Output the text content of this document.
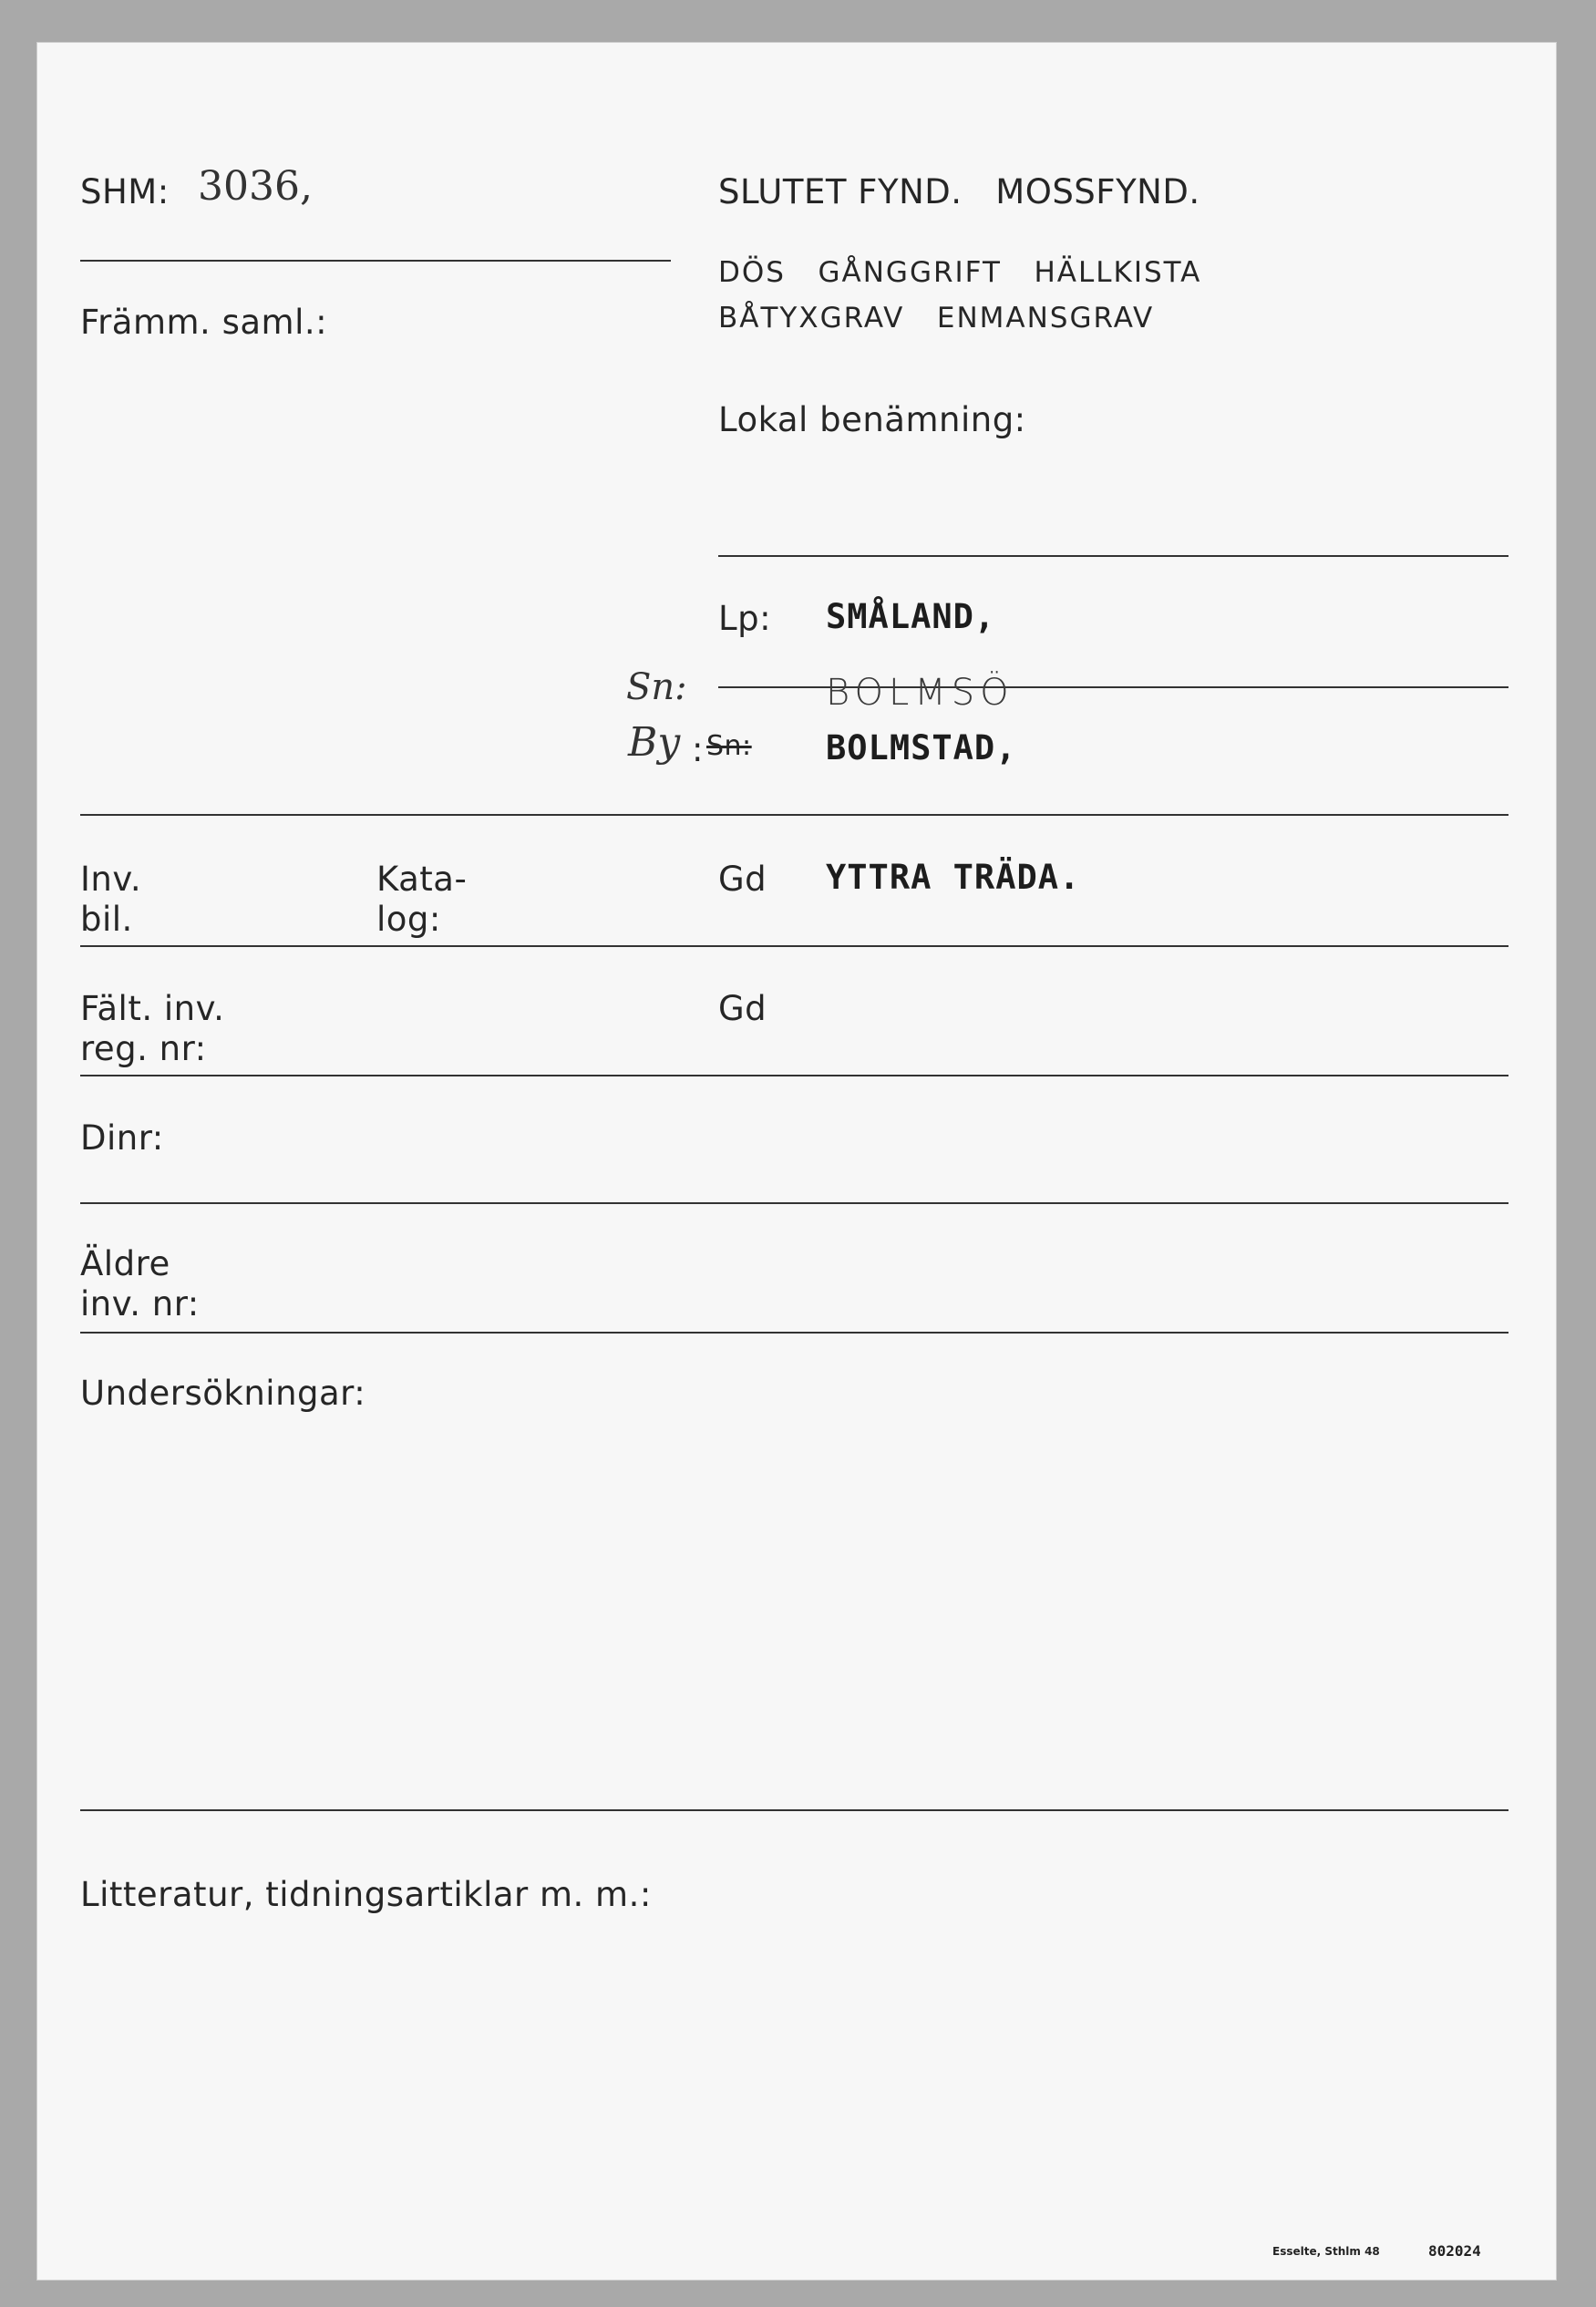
SHM: 3036,
Främm. saml.:
SLUTET FYND.   MOSSFYND.
DÖS   GÅNGGRIFT   HÄLLKISTA
BÅTYXGRAV   ENMANSGRAV
Lokal benämning:
Lp: SMÅLAND,
Sn:	BOLMSÖ
By : Sn: BOLMSTAD,
Inv.
bil.
Kata-
log:
Gd YTTRA TRÄDA.
Fält. inv.
reg. nr:
Gd
Dinr:
Äldre
inv. nr:
Undersökningar:
Litteratur, tidningsartiklar m. m.:
Esselte, Sthlm 48	802024
